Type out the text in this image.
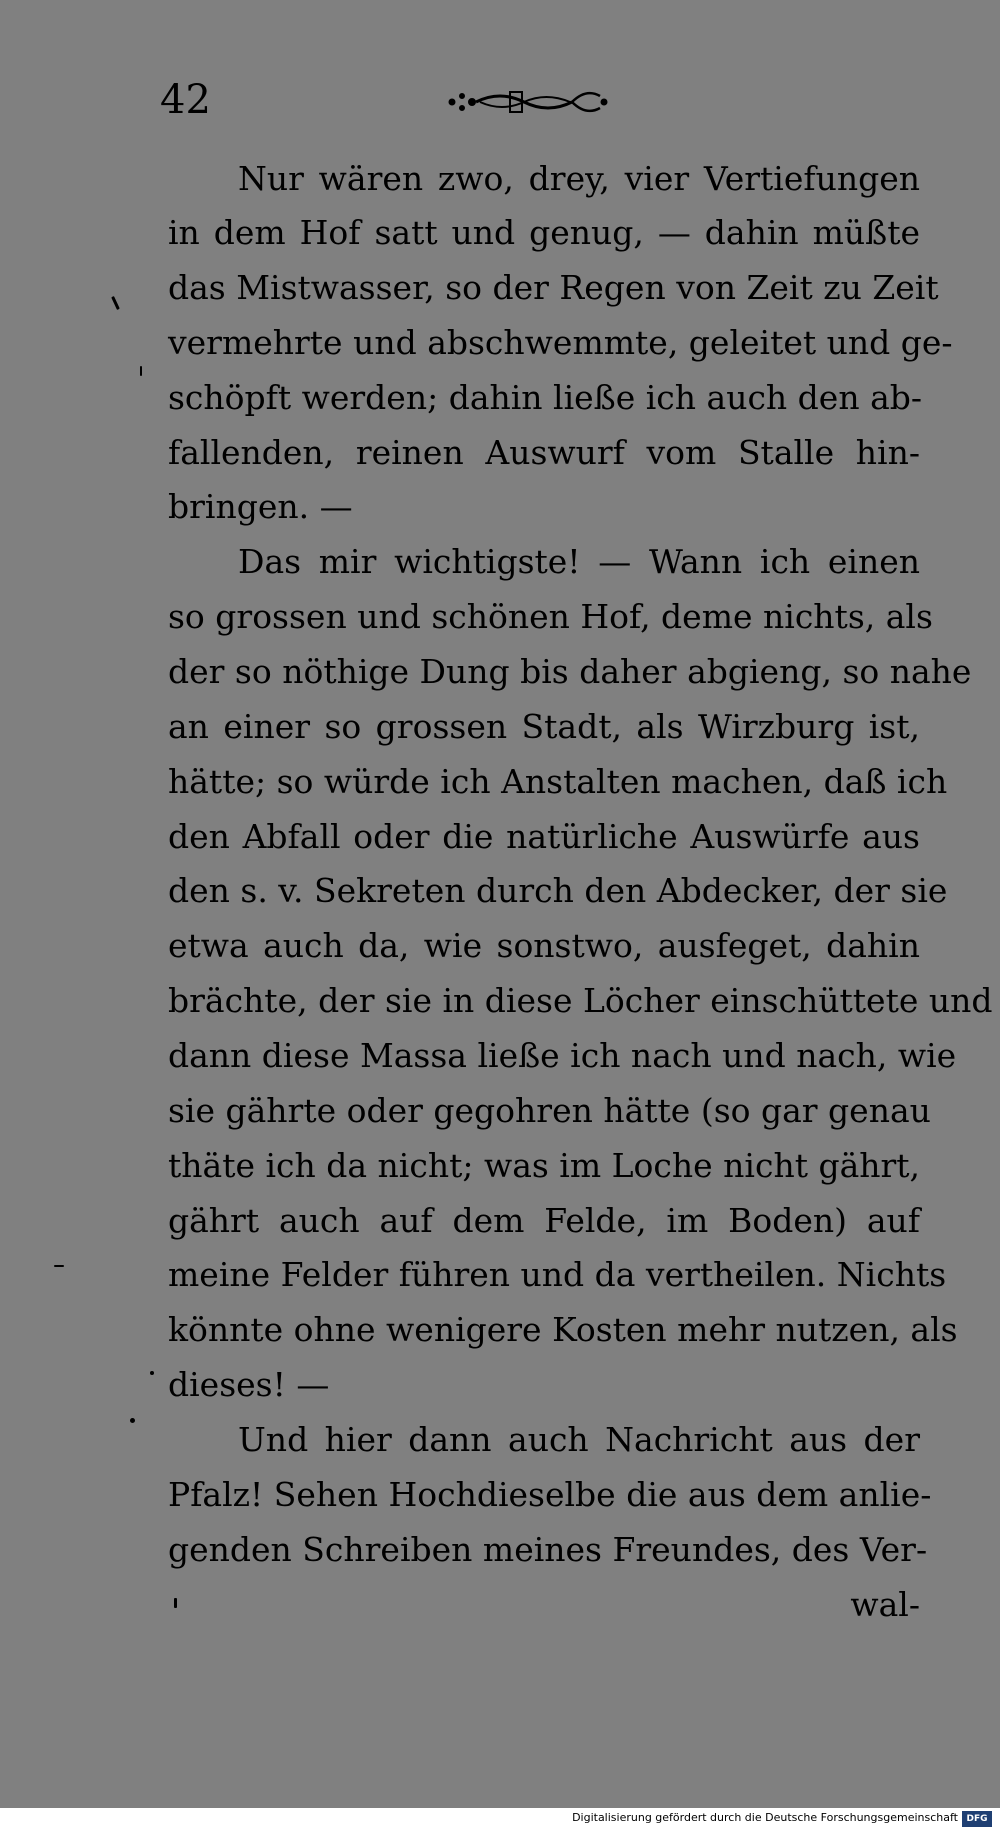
42
Nur wären zwo, drey, vier Vertiefungen
in dem Hof satt und genug, — dahin müßte
das Mistwasser, so der Regen von Zeit zu Zeit
vermehrte und abschwemmte, geleitet und ge-
schöpft werden; dahin ließe ich auch den ab-
fallenden, reinen Auswurf vom Stalle hin-
bringen. —
Das mir wichtigste! — Wann ich einen
so grossen und schönen Hof, deme nichts, als
der so nöthige Dung bis daher abgieng, so nahe
an einer so grossen Stadt, als Wirzburg ist,
hätte; so würde ich Anstalten machen, daß ich
den Abfall oder die natürliche Auswürfe aus
den s. v. Sekreten durch den Abdecker, der sie
etwa auch da, wie sonstwo, ausfeget, dahin
brächte, der sie in diese Löcher einschüttete und
dann diese Massa ließe ich nach und nach, wie
sie gährte oder gegohren hätte (so gar genau
thäte ich da nicht; was im Loche nicht gährt,
gährt auch auf dem Felde, im Boden) auf
meine Felder führen und da vertheilen. Nichts
könnte ohne wenigere Kosten mehr nutzen, als
dieses! —
Und hier dann auch Nachricht aus der
Pfalz! Sehen Hochdieselbe die aus dem anlie-
genden Schreiben meines Freundes, des Ver-
wal-
Digitalisierung gefördert durch die Deutsche Forschungsgemeinschaft DFG
